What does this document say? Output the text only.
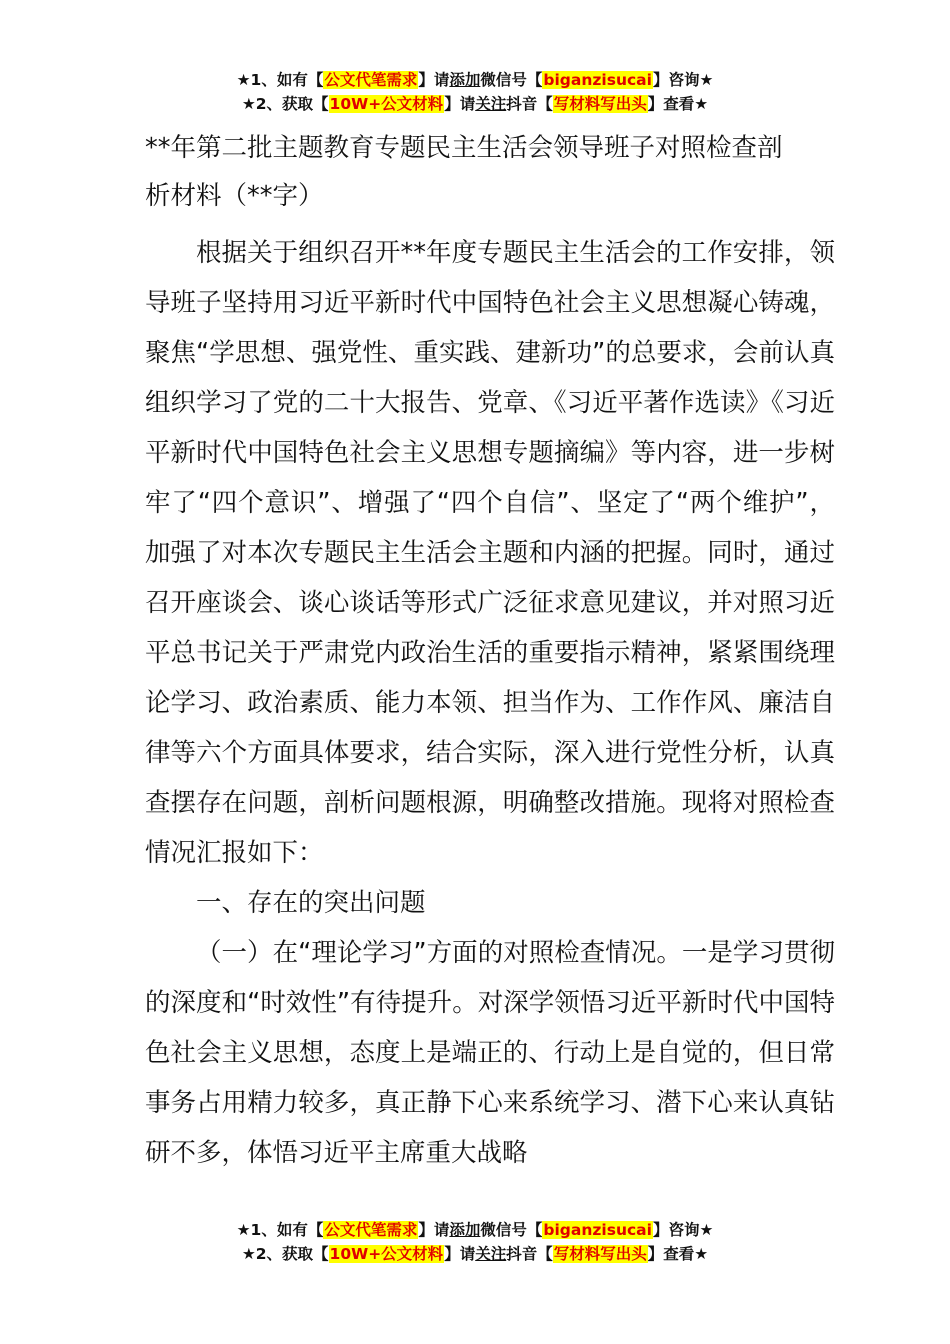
★1、如有【公文代笔需求】请添加微信号【biganzisucai】咨询★
★2、获取【10W+公文材料】请关注抖音【写材料写出头】查看★
**年第二批主题教育专题民主生活会领导班子对照检查剖
析材料（**字）

根据关于组织召开**年度专题民主生活会的工作安排，领导班子坚持用习近平新时代中国特色社会主义思想凝心铸魂，聚焦“学思想、强党性、重实践、建新功”的总要求，会前认真组织学习了党的二十大报告、党章、《习近平著作选读》《习近平新时代中国特色社会主义思想专题摘编》等内容，进一步树牢了“四个意识”、增强了“四个自信”、坚定了“两个维护”，加强了对本次专题民主生活会主题和内涵的把握。同时，通过召开座谈会、谈心谈话等形式广泛征求意见建议，并对照习近平总书记关于严肃党内政治生活的重要指示精神，紧紧围绕理论学习、政治素质、能力本领、担当作为、工作作风、廉洁自律等六个方面具体要求，结合实际，深入进行党性分析，认真查摆存在问题，剖析问题根源，明确整改措施。现将对照检查情况汇报如下：

一、存在的突出问题

（一）在“理论学习”方面的对照检查情况。一是学习贯彻的深度和“时效性”有待提升。对深学领悟习近平新时代中国特色社会主义思想，态度上是端正的、行动上是自觉的，但日常事务占用精力较多，真正静下心来系统学习、潜下心来认真钻研不多，体悟习近平主席重大战略

★1、如有【公文代笔需求】请添加微信号【biganzisucai】咨询★
★2、获取【10W+公文材料】请关注抖音【写材料写出头】查看★
